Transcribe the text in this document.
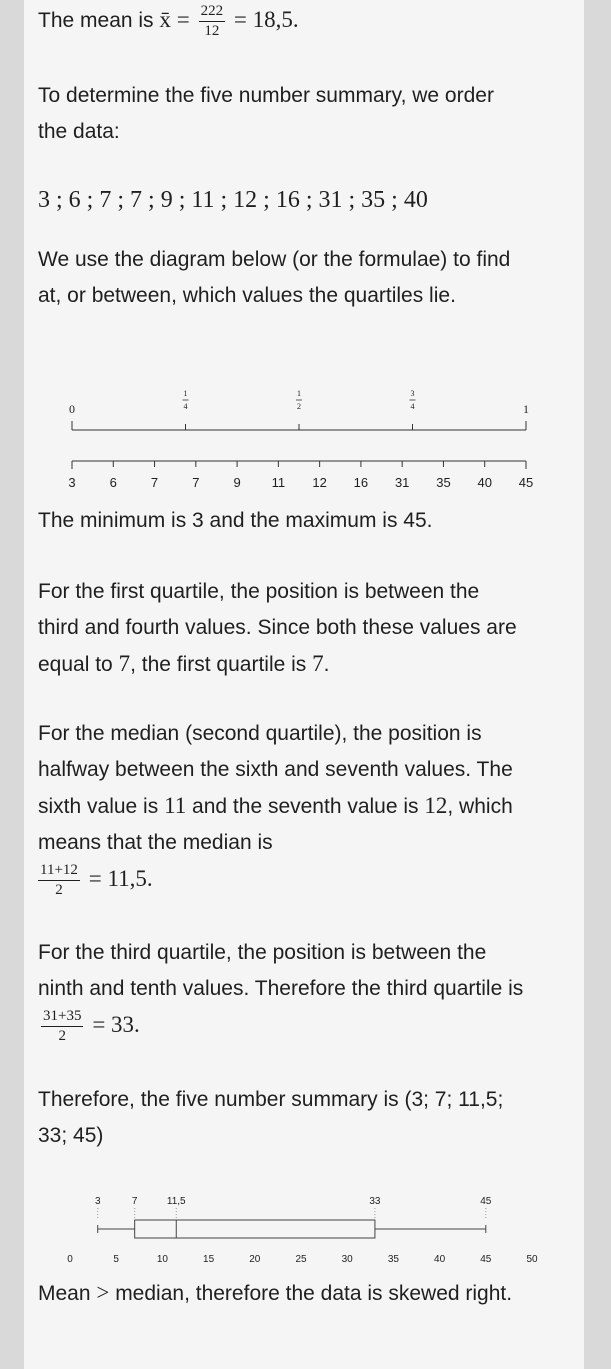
The mean is x̄ = $\frac{222}{12} = 18,5$.

To determine the five number summary, we order the data:

3 ; 6 ; 7 ; 7 ; 9 ; 11 ; 12 ; 16 ; 31 ; 35 ; 40

We use the diagram below (or the formulae) to find at, or between, which values the quartiles lie.

0
1
4
1
2
3
4	1
3	6	7	7	9 11 12 16 31 35 40 45

The minimum is 3 and the maximum is 45.

For the first quartile, the position is between the third and fourth values. Since both these values are equal to 7, the first quartile is 7.

For the median (second quartile), the position is halfway between the sixth and seventh values. The sixth value is 11 and the seventh value is 12, which means that the median is

$\frac{11+12}{2} = 11,5$.

For the third quartile, the position is between the ninth and tenth values. Therefore the third quartile is
$\frac{31+35}{2} = 33$.

Therefore, the five number summary is (3; 7; 11,5; 33; 45)

3	7	11,5	33	45
0	5	10	15	20	25	30	35	40	45	50

Mean > median, therefore the data is skewed right.
